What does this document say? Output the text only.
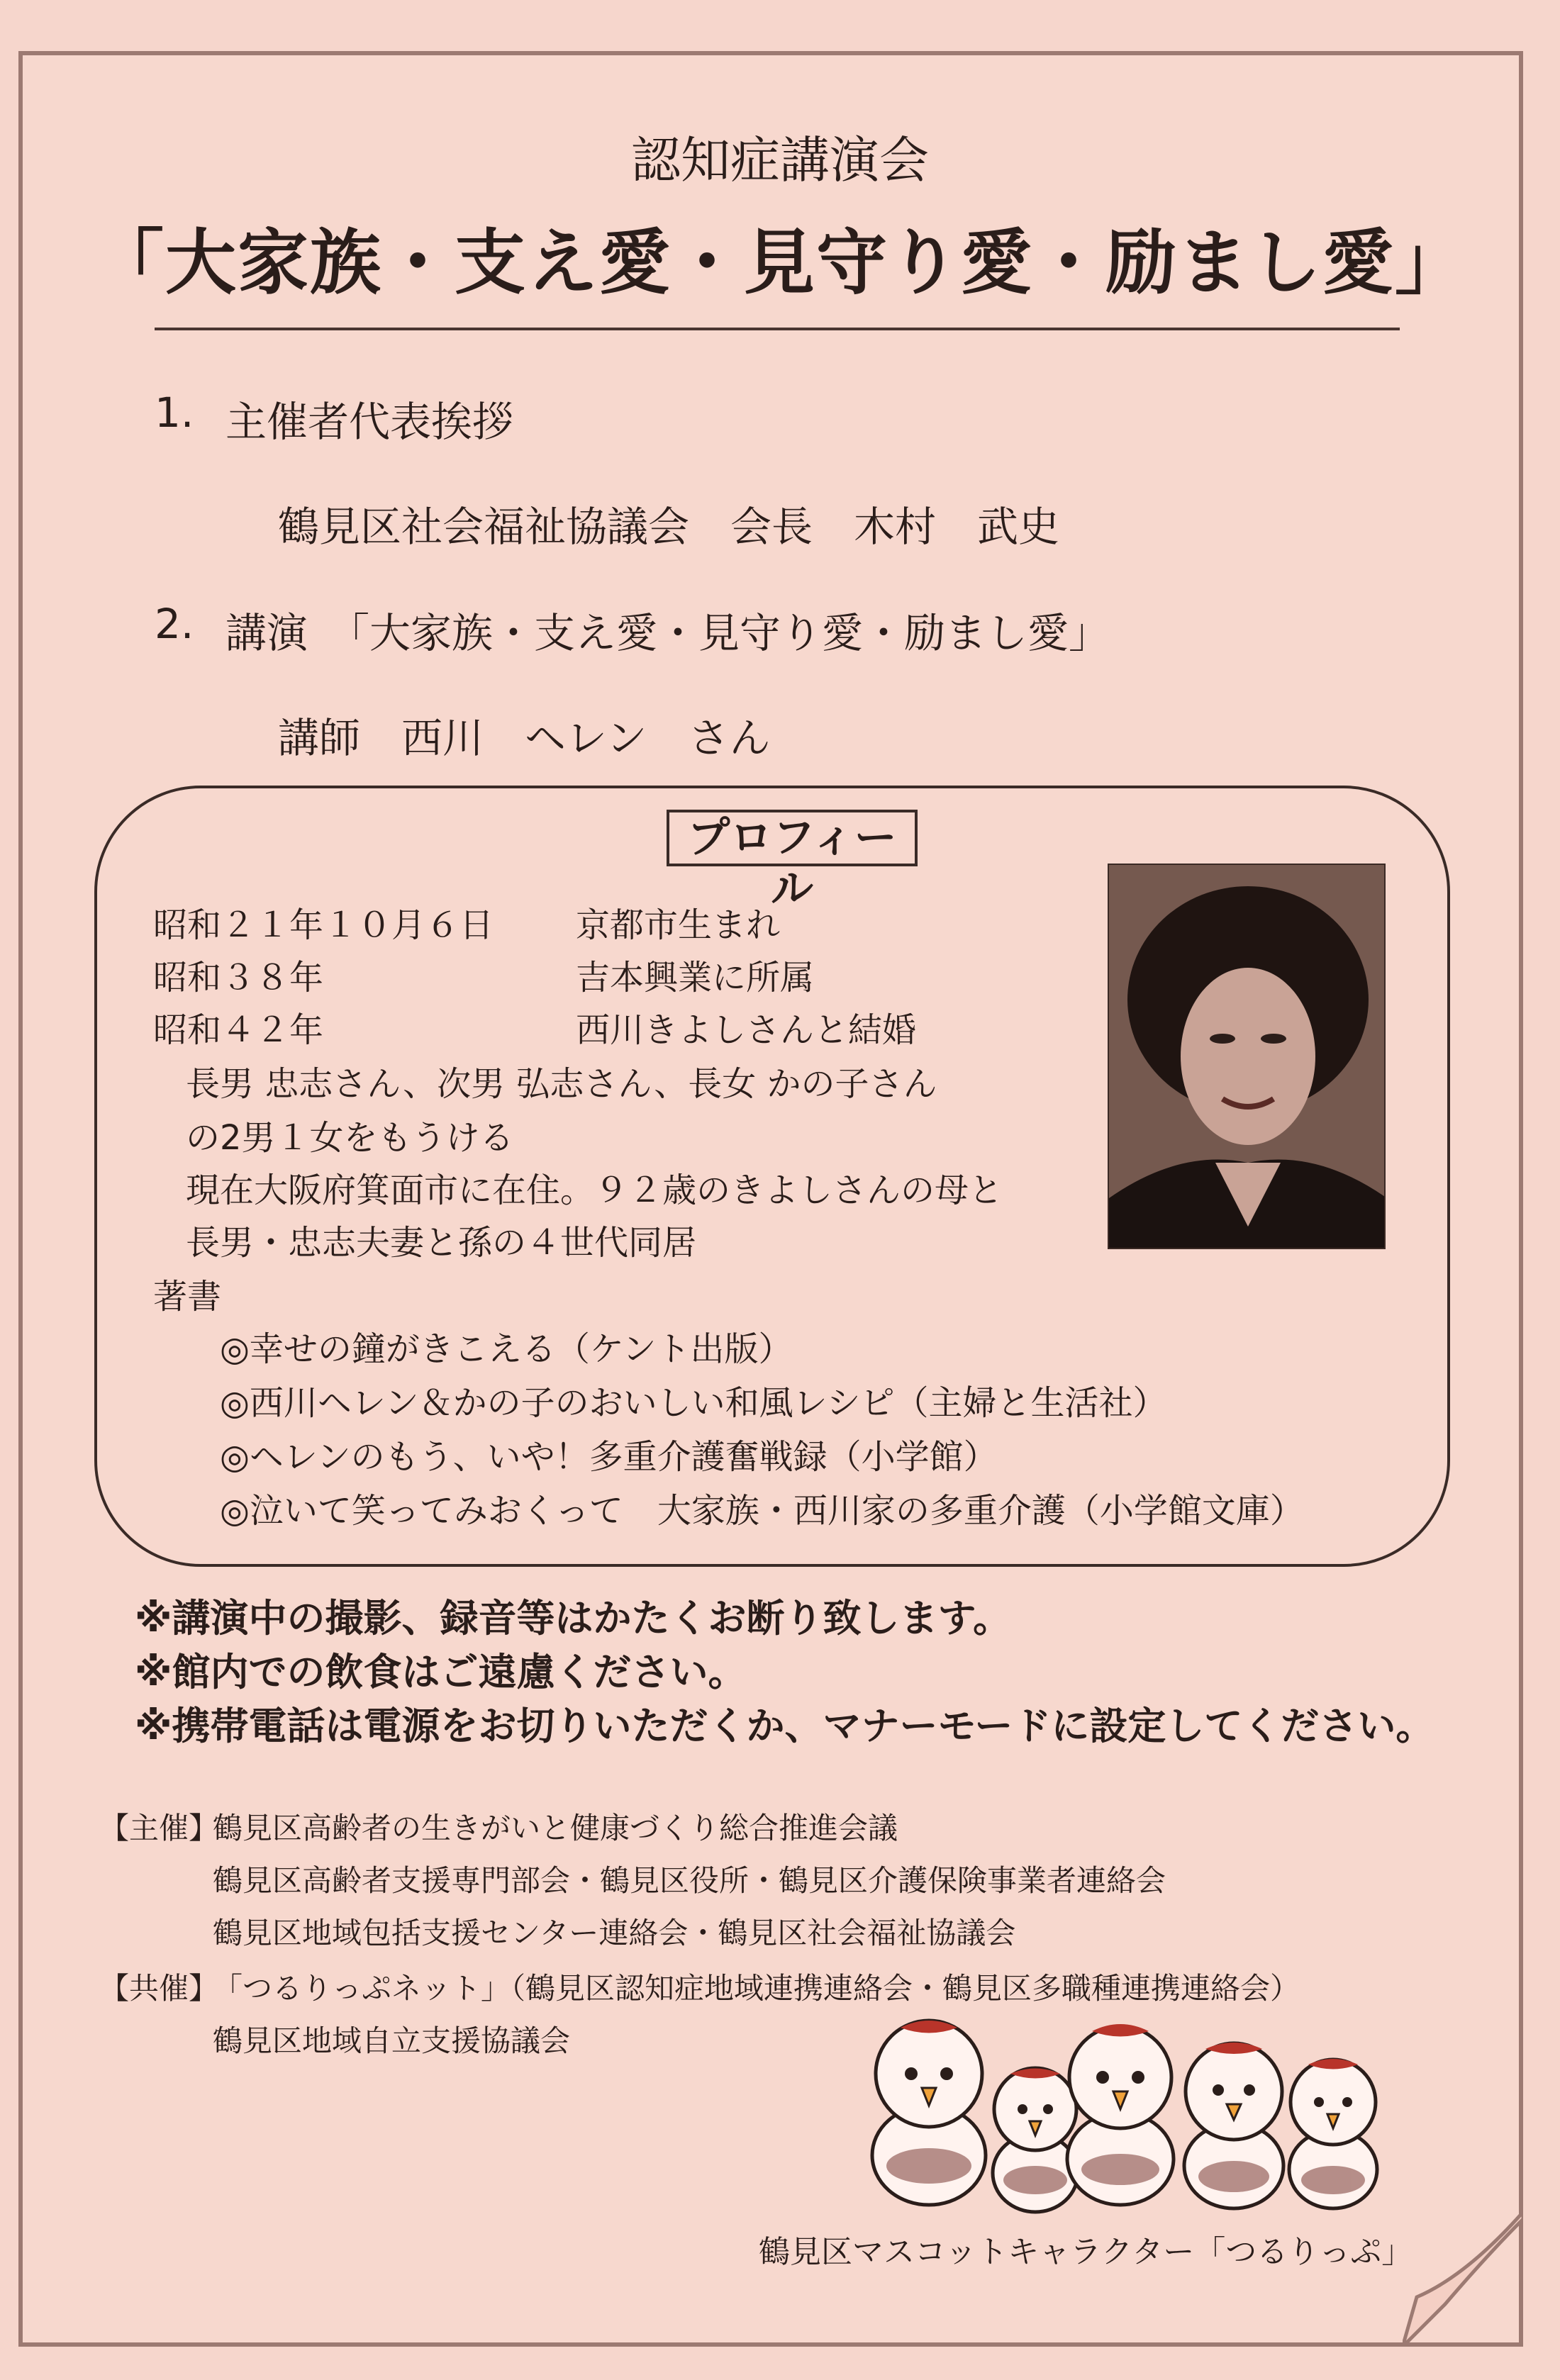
認知症講演会
「大家族・支え愛・見守り愛・励まし愛」
1. 主催者代表挨拶
鶴見区社会福祉協議会　会長　木村　武史
2. 講演　「大家族・支え愛・見守り愛・励まし愛」
講師　西川　ヘレン　さん
プロフィール
昭和２１年１０月６日 京都市生まれ
昭和３８年	吉本興業に所属
昭和４２年	西川きよしさんと結婚
長男 忠志さん、次男 弘志さん、長女 かの子さん
の2男１女をもうける
現在大阪府箕面市に在住。９２歳のきよしさんの母と
長男・忠志夫妻と孫の４世代同居
著書
◎幸せの鐘がきこえる（ケント出版）
◎西川ヘレン＆かの子のおいしい和風レシピ（主婦と生活社）
◎ヘレンのもう、いや！多重介護奮戦録（小学館）
◎泣いて笑ってみおくって　大家族・西川家の多重介護（小学館文庫）
※講演中の撮影、録音等はかたくお断り致します。
※館内での飲食はご遠慮ください。
※携帯電話は電源をお切りいただくか、マナーモードに設定してください。
【主催】
鶴見区高齢者の生きがいと健康づくり総合推進会議
鶴見区高齢者支援専門部会・鶴見区役所・鶴見区介護保険事業者連絡会
鶴見区地域包括支援センター連絡会・鶴見区社会福祉協議会
【共催】
「つるりっぷネット」（鶴見区認知症地域連携連絡会・鶴見区多職種連携連絡会）
鶴見区地域自立支援協議会
鶴見区マスコットキャラクター「つるりっぷ」
